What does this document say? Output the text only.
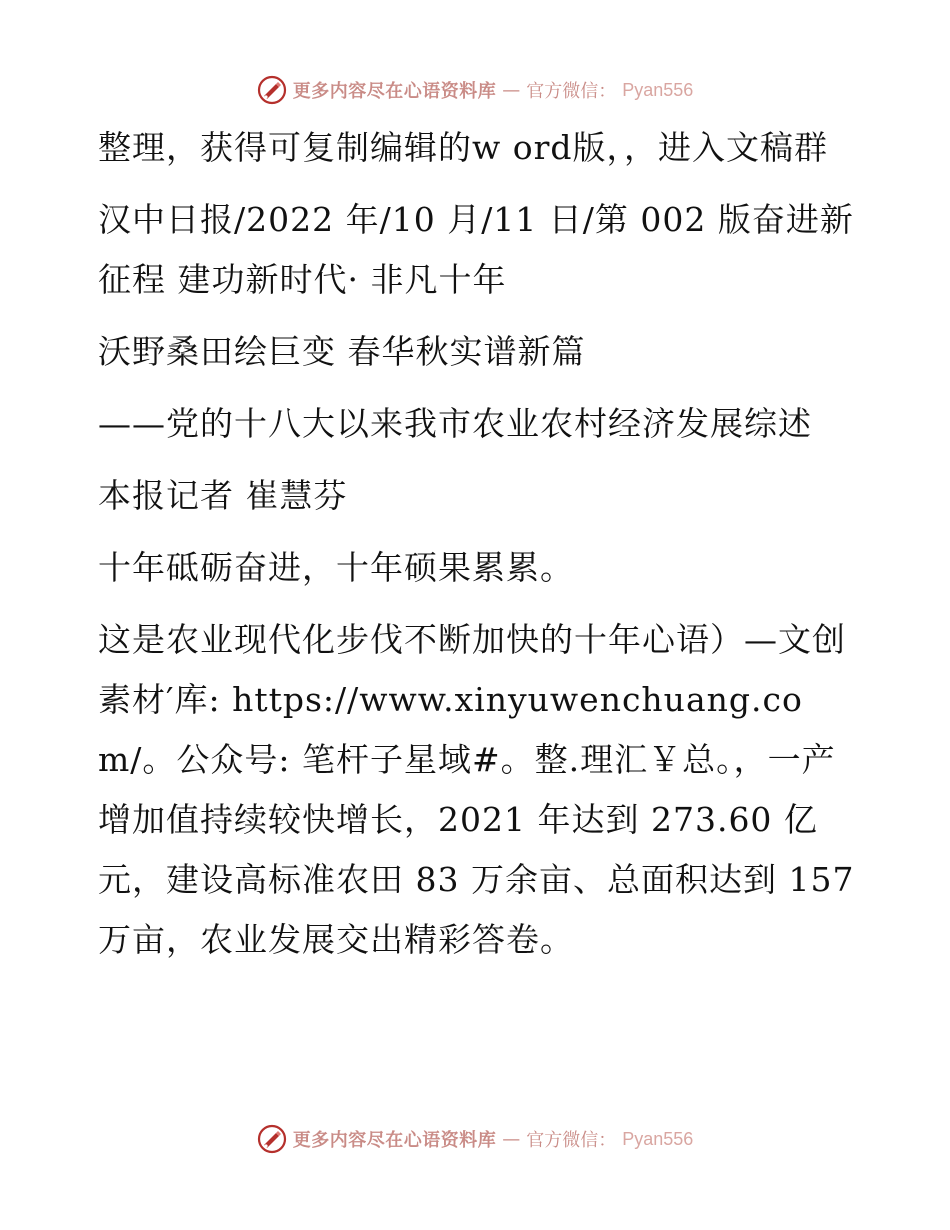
更多内容尽在心语资料库 — 官方微信： Pyan556

整理，获得可复制编辑的w ord版，，进入文稿群

汉中日报/2022 年/10 月/11 日/第 002 版奋进新征程 建功新时代· 非凡十年

沃野桑田绘巨变 春华秋实谱新篇

——党的十八大以来我市农业农村经济发展综述

本报记者 崔慧芬

十年砥砺奋进，十年硕果累累。

这是农业现代化步伐不断加快的十年心语）—文创素材′库: https://www.xinyuwenchuang.com/。公众号: 笔杆子星域#。整.理汇￥总。，一产增加值持续较快增长，2021 年达到 273.60 亿元，建设高标准农田 83 万余亩、总面积达到 157 万亩，农业发展交出精彩答卷。

更多内容尽在心语资料库 — 官方微信： Pyan556
